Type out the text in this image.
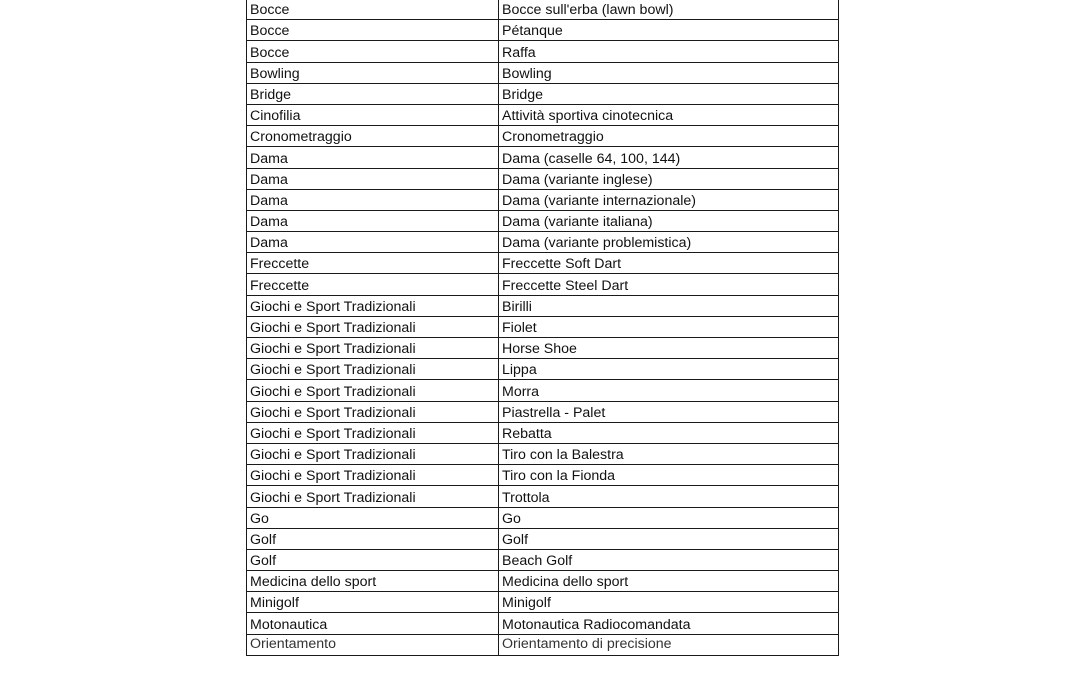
Bocce	Bocce sull'erba (lawn bowl)
Bocce	Pétanque
Bocce	Raffa
Bowling	Bowling
Bridge	Bridge
Cinofilia	Attività sportiva cinotecnica
Cronometraggio	Cronometraggio
Dama	Dama (caselle 64, 100, 144)
Dama	Dama (variante inglese)
Dama	Dama (variante internazionale)
Dama	Dama (variante italiana)
Dama	Dama (variante problemistica)
Freccette	Freccette Soft Dart
Freccette	Freccette Steel Dart
Giochi e Sport Tradizionali	Birilli
Giochi e Sport Tradizionali	Fiolet
Giochi e Sport Tradizionali	Horse Shoe
Giochi e Sport Tradizionali	Lippa
Giochi e Sport Tradizionali	Morra
Giochi e Sport Tradizionali	Piastrella - Palet
Giochi e Sport Tradizionali	Rebatta
Giochi e Sport Tradizionali	Tiro con la Balestra
Giochi e Sport Tradizionali	Tiro con la Fionda
Giochi e Sport Tradizionali	Trottola
Go	Go
Golf	Golf
Golf	Beach Golf
Medicina dello sport	Medicina dello sport
Minigolf	Minigolf
Motonautica	Motonautica Radiocomandata
Orientamento	Orientamento di precisione
